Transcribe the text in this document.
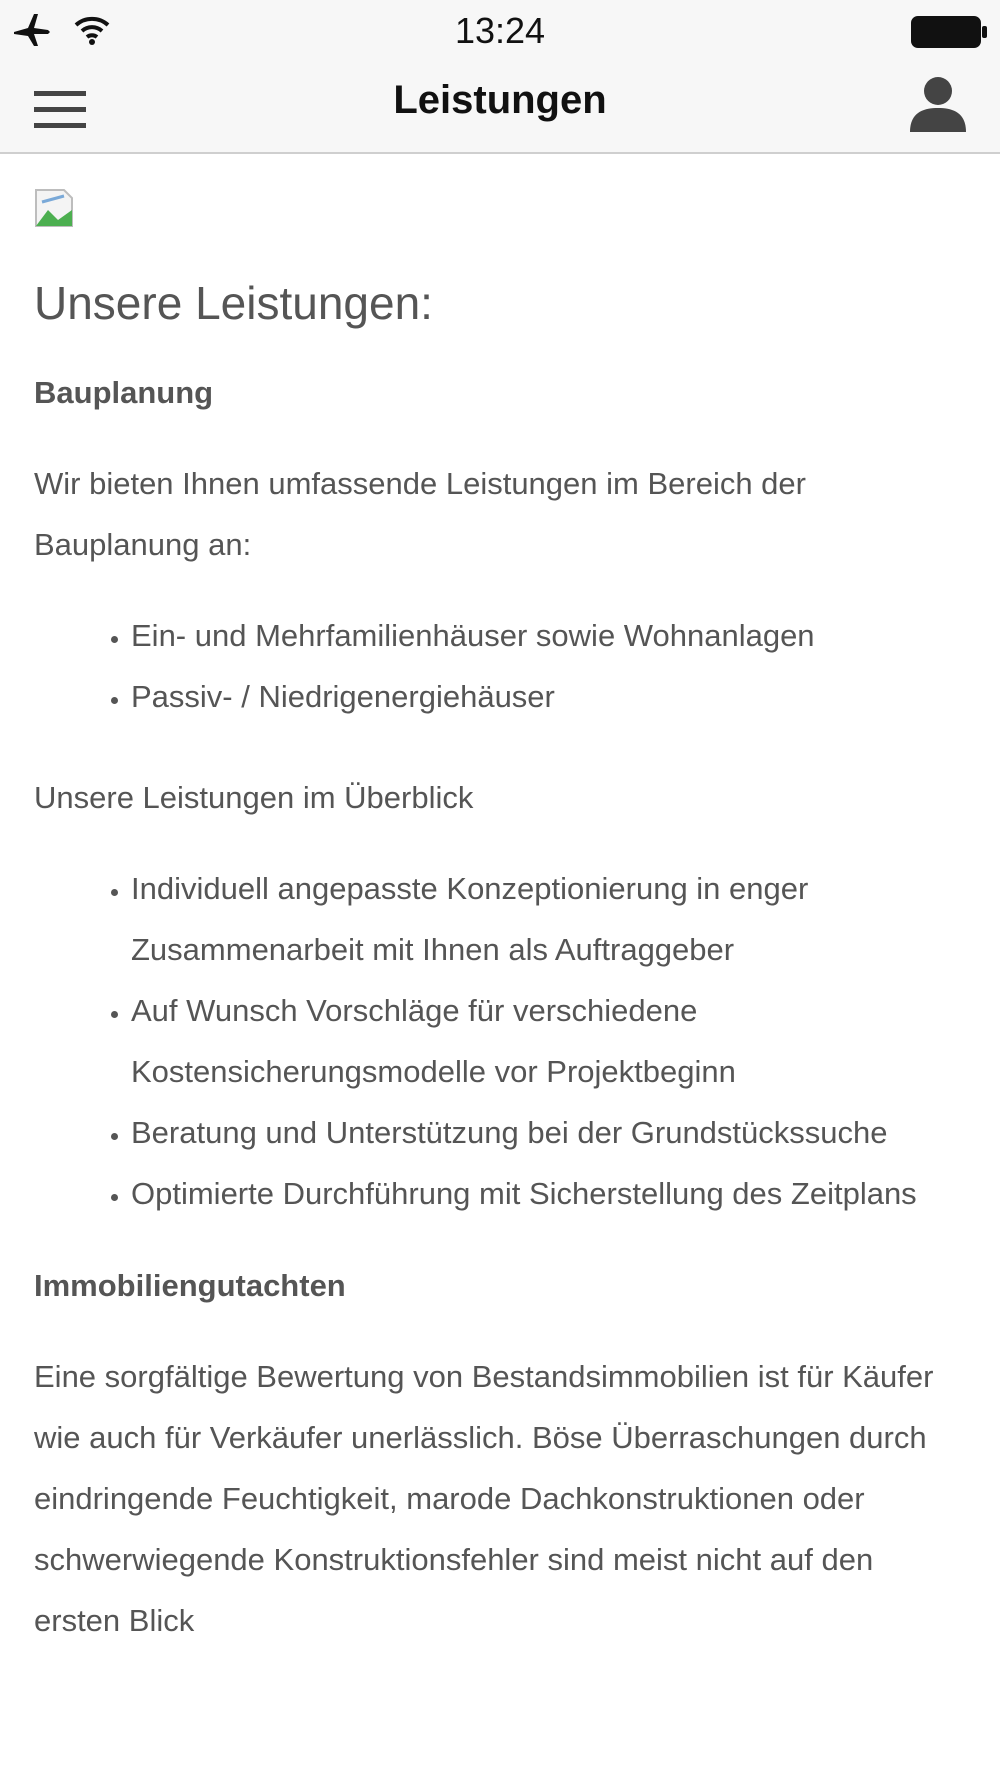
13:24
Leistungen
Unsere Leistungen:
Bauplanung

Wir bieten Ihnen umfassende Leistungen im Bereich der Bauplanung an:

• Ein- und Mehrfamilienhäuser sowie Wohnanlagen
• Passiv- / Niedrigenergiehäuser

Unsere Leistungen im Überblick

• Individuell angepasste Konzeptionierung in enger Zusammenarbeit mit Ihnen als Auftraggeber
• Auf Wunsch Vorschläge für verschiedene Kostensicherungsmodelle vor Projektbeginn
• Beratung und Unterstützung bei der Grundstückssuche
• Optimierte Durchführung mit Sicherstellung des Zeitplans
Immobiliengutachten

Eine sorgfältige Bewertung von Bestandsimmobilien ist für Käufer wie auch für Verkäufer unerlässlich. Böse Überraschungen durch eindringende Feuchtigkeit, marode Dachkonstruktionen oder schwerwiegende Konstruktionsfehler sind meist nicht auf den ersten Blick
